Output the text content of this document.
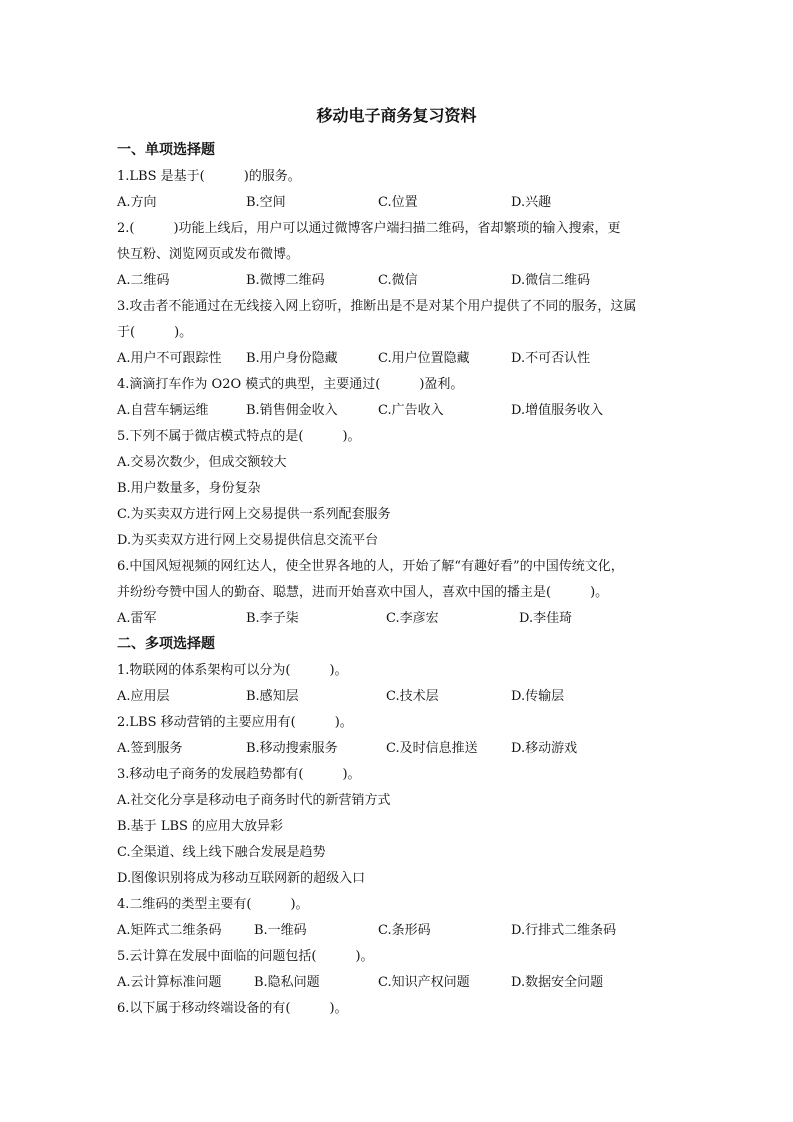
移动电子商务复习资料
一、单项选择题
1.LBS 是基于(　　　)的服务。
A.方向	B.空间	C.位置	D.兴趣
2.(　　　)功能上线后，用户可以通过微博客户端扫描二维码，省却繁琐的输入搜索，更
快互粉、浏览网页或发布微博。
A.二维码	B.微博二维码	C.微信	D.微信二维码
3.攻击者不能通过在无线接入网上窃听，推断出是不是对某个用户提供了不同的服务，这属
于(　　　)。
A.用户不可跟踪性 B.用户身份隐藏	C.用户位置隐藏	D.不可否认性
4.滴滴打车作为 O2O 模式的典型，主要通过(　　　)盈利。
A.自营车辆运维	B.销售佣金收入	C.广告收入	D.增值服务收入
5.下列不属于微店模式特点的是(　　　)。
A.交易次数少，但成交额较大
B.用户数量多，身份复杂
C.为买卖双方进行网上交易提供一系列配套服务
D.为买卖双方进行网上交易提供信息交流平台
6.中国风短视频的网红达人，使全世界各地的人，开始了解“有趣好看”的中国传统文化，
并纷纷夸赞中国人的勤奋、聪慧，进而开始喜欢中国人，喜欢中国的播主是(　　　)。
A.雷军	B.李子柒	C.李彦宏	D.李佳琦
二、多项选择题
1.物联网的体系架构可以分为(　　　)。
A.应用层	B.感知层	C.技术层	D.传输层
2.LBS 移动营销的主要应用有(　　　)。
A.签到服务	B.移动搜索服务	C.及时信息推送	D.移动游戏
3.移动电子商务的发展趋势都有(　　　)。
A.社交化分享是移动电子商务时代的新营销方式
B.基于 LBS 的应用大放异彩
C.全渠道、线上线下融合发展是趋势
D.图像识别将成为移动互联网新的超级入口
4.二维码的类型主要有(　　　)。
A.矩阵式二维条码 B.一维码	C.条形码	D.行排式二维条码
5.云计算在发展中面临的问题包括(　　　)。
A.云计算标准问题 B.隐私问题	C.知识产权问题	D.数据安全问题
6.以下属于移动终端设备的有(　　　)。
